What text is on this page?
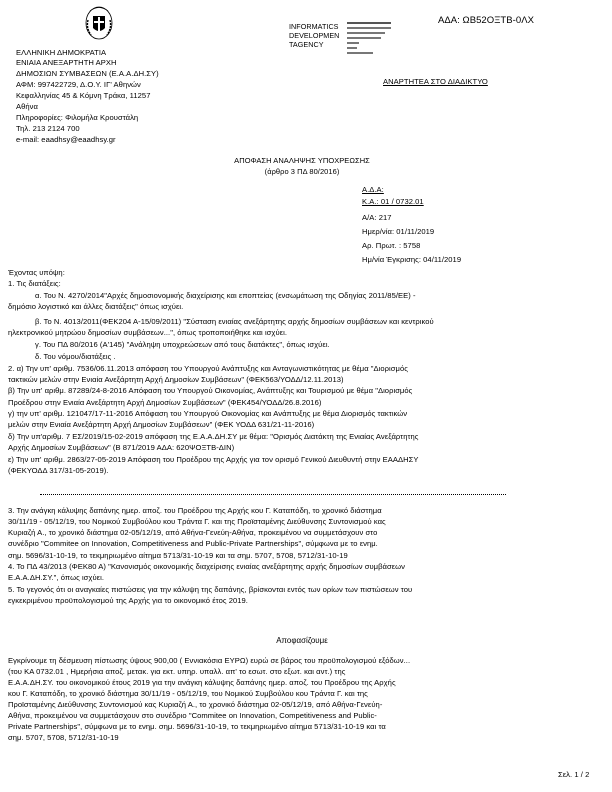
ΑΔΑ: ΩΒ52ΟΞΤΒ-0ΛΧ
INFORMATICS
DEVELOPMEN
TAGENCY
ΕΛΛΗΝΙΚΗ ΔΗΜΟΚΡΑΤΙΑ
ΕΝΙΑΙΑ ΑΝΕΞΑΡΤΗΤΗ ΑΡΧΗ
ΔΗΜΟΣΙΩΝ ΣΥΜΒΑΣΕΩΝ (Ε.Α.Α.ΔΗ.ΣΥ)
ΑΦΜ: 997422729, Δ.Ο.Υ. ΙΓ' Αθηνών
Κεφαλληνίας 45 & Κόμνη Τράκα, 11257
Αθήνα
Πληροφορίες: Φιλομήλα Κρουστάλη
Τηλ. 213 2124 700
e-mail: eaadhsy@eaadhsy.gr
ΑΝΑΡΤΗΤΕΑ ΣΤΟ ΔΙΑΔΙΚΤΥΟ
ΑΠΟΦΑΣΗ ΑΝΑΛΗΨΗΣ ΥΠΟΧΡΕΩΣΗΣ
(άρθρο 3 ΠΔ 80/2016)
Α.Δ.Α:
Κ.Α.: 01 / 0732.01
Α/Α: 217
Ημερ/νία: 01/11/2019
Αρ. Πρωτ. : 5758
Ημ/νία Έγκρισης: 04/11/2019
Έχοντας υπόψη:
1. Τις διατάξεις:
α. Του Ν. 4270/2014"Αρχές δημοσιονομικής διαχείρισης και εποπτείας (ενσωμάτωση της Οδηγίας 2011/85/ΕΕ) -
δημόσιο λογιστικό και άλλες διατάξεις" όπως ισχύει.
β. Το Ν. 4013/2011(ΦΕΚ204 Α-15/09/2011) "Σύσταση ενιαίας ανεξάρτητης αρχής δημοσίων συμβάσεων και κεντρικού
ηλεκτρονικού μητρώου δημοσίων συμβάσεων...", όπως τροποποιήθηκε και ισχύει.
γ. Του ΠΔ 80/2016 (Α'145) "Ανάληψη υποχρεώσεων από τους διατάκτες", όπως ισχύει.
δ. Του νόμου/διατάξεις .
2. α) Την υπ' αριθμ. 7536/06.11.2013 απόφαση του Υπουργού Ανάπτυξης και Ανταγωνιστικότητας με θέμα "Διορισμός
τακτικών μελών στην Ενιαία Ανεξάρτητη Αρχή Δημοσίων Συμβάσεων" (ΦΕΚ563/ΥΟΔΔ/12.11.2013)
β) Την υπ' αριθμ. 87289/24-8-2016 Απόφαση του Υπουργού Οικονομίας, Ανάπτυξης και Τουρισμού με θέμα "Διορισμός
Προέδρου στην Ενιαία Ανεξάρτητη Αρχή Δημοσίων Συμβάσεων" (ΦΕΚ454/ΥΟΔΔ/26.8.2016)
γ) την υπ' αριθμ. 121047/17-11-2016 Απόφαση του Υπουργού Οικονομίας και Ανάπτυξης με θέμα Διορισμός τακτικών
μελών στην Ενιαία Ανεξάρτητη Αρχή Δημοσίων Συμβάσεων" (ΦΕΚ ΥΟΔΔ 631/21-11-2016)
δ) Την υπ'αριθμ. 7 ΕΣ/2019/15-02-2019 απόφαση της Ε.Α.Α.ΔΗ.ΣΥ με θέμα: "Ορισμός Διατάκτη της Ενιαίας Ανεξάρτητης
Αρχής Δημοσίων Συμβάσεων" (Β 871/2019 ΑΔΑ: 620ΨΟΞΤΒ-ΔΙΝ)
ε) Την υπ' αριθμ. 2863/27-05-2019 Απόφαση του Προέδρου της Αρχής για τον ορισμό Γενικού Διευθυντή στην ΕΑΑΔΗΣΥ
(ΦΕΚΥΟΔΔ 317/31-05-2019).
3. Την ανάγκη κάλυψης δαπάνης ημερ. αποζ. του Προέδρου της Αρχής κου Γ. Καταπόδη, το χρονικό διάστημα
30/11/19 - 05/12/19, του Νομικού Συμβούλου κου Τράντα Γ. και της Προϊσταμένης Διεύθυνσης Συντονισμού κας
Κυριαζή Α., το χρονικό διάστημα 02-05/12/19, από Αθήνα-Γενεύη-Αθήνα, προκειμένου να συμμετάσχουν στο
συνέδριο "Commitee on Innovation, Competitiveness and Public-Private Partnerships", σύμφωνα με το ενημ.
σημ. 5696/31-10-19, το τεκμηριωμένο αίτημα 5713/31-10-19 και τα σημ. 5707, 5708, 5712/31-10-19
4. Το ΠΔ 43/2013 (ΦΕΚ80 Α) "Κανονισμός οικονομικής διαχείρισης ενιαίας ανεξάρτητης αρχής δημοσίων συμβάσεων
Ε.Α.Α.ΔΗ.ΣΥ.", όπως ισχύει.
5. Το γεγονός ότι οι αναγκαίες πιστώσεις για την κάλυψη της δαπάνης, βρίσκονται εντός των ορίων των πιστώσεων του
εγκεκριμένου προϋπολογισμού της Αρχής για το οικονομικό έτος 2019.
Αποφασίζουμε
Εγκρίνουμε τη δέσμευση πίστωσης ύψους 900,00 ( Εννιακόσια ΕΥΡΩ) ευρώ σε βάρος του προϋπολογισμού εξόδων...
(του ΚΑ 0732.01 , Ημερήσια αποζ. μετακ. για εκτ. υπηρ. υπαλλ. απ' το εσωτ. στο εξωτ. και αντ.) της
Ε.Α.Α.ΔΗ.ΣΥ. του οικονομικού έτους 2019 για την ανάγκη κάλυψης δαπάνης ημερ. αποζ. του Προέδρου της Αρχής
κου Γ. Καταπόδη, το χρονικό διάστημα 30/11/19 - 05/12/19, του Νομικού Συμβούλου κου Τράντα Γ. και της
Προϊσταμένης Διεύθυνσης Συντονισμού κας Κυριαζή Α., το χρονικό διάστημα 02-05/12/19, από Αθήνα-Γενεύη-
Αθήνα, προκειμένου να συμμετάσχουν στο συνέδριο "Commitee on Innovation, Competitiveness and Public-
Private Partnerships", σύμφωνα με το ενημ. σημ. 5696/31-10-19, το τεκμηριωμένο αίτημα 5713/31-10-19 και τα
σημ. 5707, 5708, 5712/31-10-19
Σελ. 1 / 2
